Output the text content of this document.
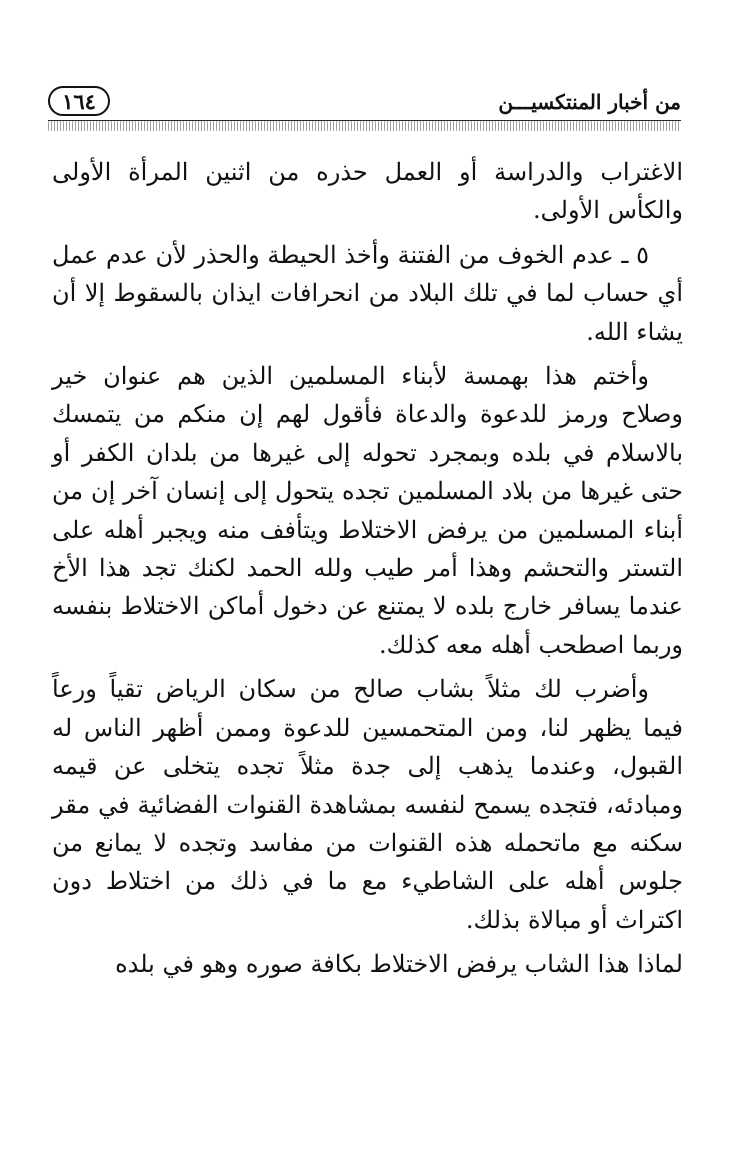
١٦٤	من أخبار المنتكسيـــن

الاغتراب والدراسة أو العمل حذره من اثنين المرأة الأولى والكأس الأولى.

٥ ـ عدم الخوف من الفتنة وأخذ الحيطة والحذر لأن عدم عمل أي حساب لما في تلك البلاد من انحرافات ايذان بالسقوط إلا أن يشاء الله.

وأختم هذا بهمسة لأبناء المسلمين الذين هم عنوان خير وصلاح ورمز للدعوة والدعاة فأقول لهم إن منكم من يتمسك بالاسلام في بلده وبمجرد تحوله إلى غيرها من بلدان الكفر أو حتى غيرها من بلاد المسلمين تجده يتحول إلى إنسان آخر إن من أبناء المسلمين من يرفض الاختلاط ويتأفف منه ويجبر أهله على التستر والتحشم وهذا أمر طيب ولله الحمد لكنك تجد هذا الأخ عندما يسافر خارج بلده لا يمتنع عن دخول أماكن الاختلاط بنفسه وربما اصطحب أهله معه كذلك.

وأضرب لك مثلاً بشاب صالح من سكان الرياض تقياً ورعاً فيما يظهر لنا، ومن المتحمسين للدعوة وممن أظهر الناس له القبول، وعندما يذهب إلى جدة مثلاً تجده يتخلى عن قيمه ومبادئه، فتجده يسمح لنفسه بمشاهدة القنوات الفضائية في مقر سكنه مع ماتحمله هذه القنوات من مفاسد وتجده لا يمانع من جلوس أهله على الشاطيء مع ما في ذلك من اختلاط دون اكتراث أو مبالاة بذلك.

لماذا هذا الشاب يرفض الاختلاط بكافة صوره وهو في بلده
